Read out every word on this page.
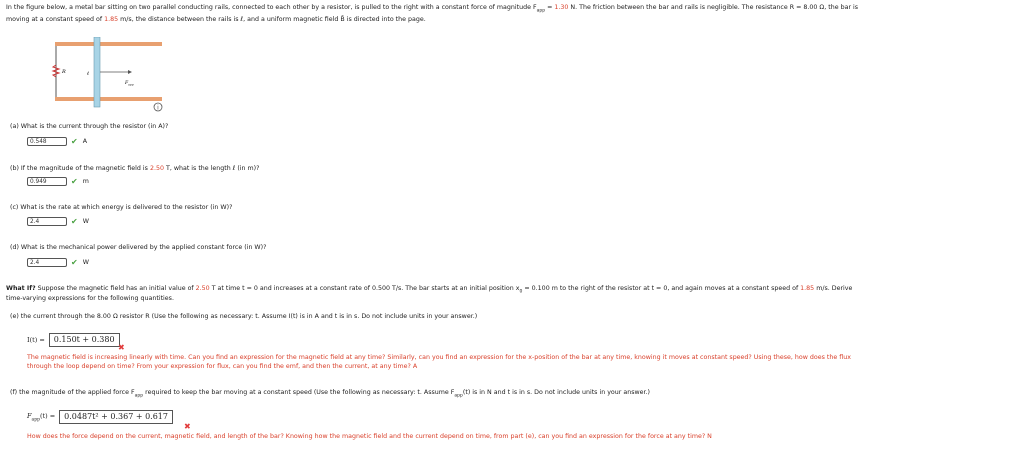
In the figure below, a metal bar sitting on two parallel conducting rails, connected to each other by a resistor, is pulled to the right with a constant force of magnitude $F_{app} = 1.30$ N. The friction between the bar and rails is negligible. The resistance R = 8.00 Ω, the bar is
moving at a constant speed of 1.85 m/s, the distance between the rails is ℓ, and a uniform magnetic field B̄ is directed into the page.
R	ℓ
F app
i
(a) What is the current through the resistor (in A)?
0.548	✔ A
(b) If the magnitude of the magnetic field is 2.50 T, what is the length ℓ (in m)?
0.949	✔ m
(c) What is the rate at which energy is delivered to the resistor (in W)?
2.4	✔ W
(d) What is the mechanical power delivered by the applied constant force (in W)?
2.4	✔ W
What If? Suppose the magnetic field has an initial value of 2.50 T at time t = 0 and increases at a constant rate of 0.500 T/s. The bar starts at an initial position $x_0 = 0.100$ m to the right of the resistor at t = 0, and again moves at a constant speed of 1.85 m/s. Derive
time-varying expressions for the following quantities.
(e) the current through the 8.00 Ω resistor R (Use the following as necessary: t. Assume I(t) is in A and t is in s. Do not include units in your answer.)
I(t) =	0.150t + 0.380
✖
The magnetic field is increasing linearly with time. Can you find an expression for the magnetic field at any time? Similarly, can you find an expression for the x-position of the bar at any time, knowing it moves at constant speed? Using these, how does the flux
through the loop depend on time? From your expression for flux, can you find the emf, and then the current, at any time? A
(f) the magnitude of the applied force $F_{app}$ required to keep the bar moving at a constant speed (Use the following as necessary: t. Assume $F_{app}(t)$ is in N and t is in s. Do not include units in your answer.)
$F_{app}(t)$ =	0.0487t² + 0.367 + 0.617
✖
How does the force depend on the current, magnetic field, and length of the bar? Knowing how the magnetic field and the current depend on time, from part (e), can you find an expression for the force at any time? N
